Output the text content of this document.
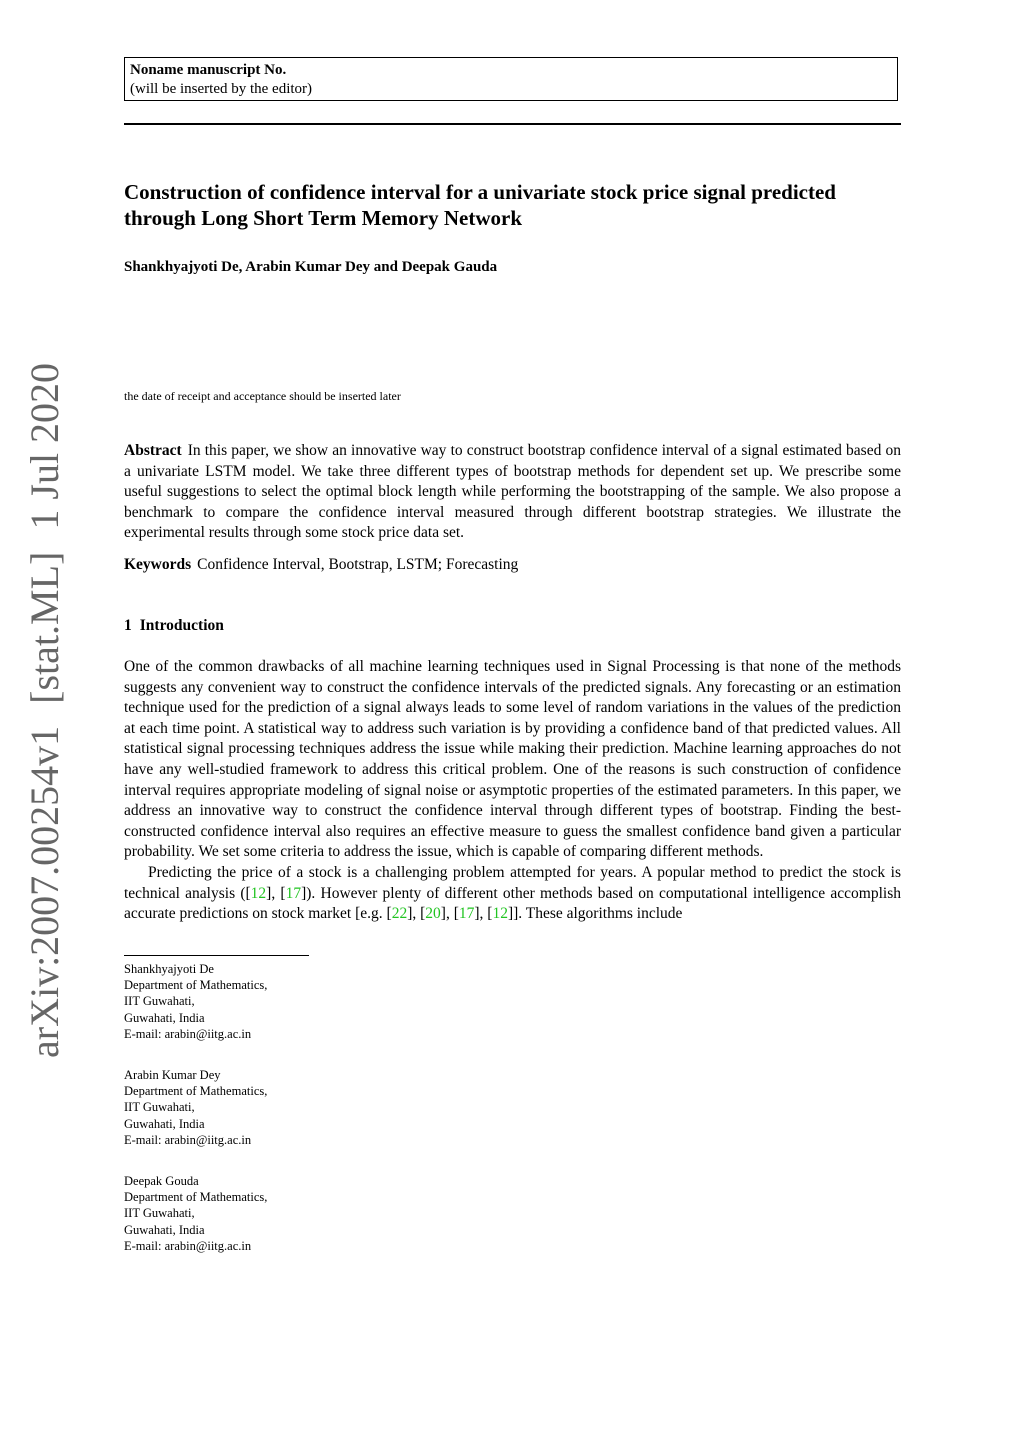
Noname manuscript No.
(will be inserted by the editor)
Construction of confidence interval for a univariate stock price signal predicted through Long Short Term Memory Network
Shankhyajyoti De, Arabin Kumar Dey and Deepak Gauda
the date of receipt and acceptance should be inserted later
Abstract In this paper, we show an innovative way to construct bootstrap confidence interval of a signal estimated based on a univariate LSTM model. We take three different types of bootstrap methods for dependent set up. We prescribe some useful suggestions to select the optimal block length while performing the bootstrapping of the sample. We also propose a benchmark to compare the confidence interval measured through different bootstrap strategies. We illustrate the experimental results through some stock price data set.
Keywords Confidence Interval, Bootstrap, LSTM; Forecasting
1 Introduction

One of the common drawbacks of all machine learning techniques used in Signal Processing is that none of the methods suggests any convenient way to construct the confidence intervals of the predicted signals. Any forecasting or an estimation technique used for the prediction of a signal always leads to some level of random variations in the values of the prediction at each time point. A statistical way to address such variation is by providing a confidence band of that predicted values. All statistical signal processing techniques address the issue while making their prediction. Machine learning approaches do not have any well-studied framework to address this critical problem. One of the reasons is such construction of confidence interval requires appropriate modeling of signal noise or asymptotic properties of the estimated parameters. In this paper, we address an innovative way to construct the confidence interval through different types of bootstrap. Finding the best-constructed confidence interval also requires an effective measure to guess the smallest confidence band given a particular probability. We set some criteria to address the issue, which is capable of comparing different methods.

Predicting the price of a stock is a challenging problem attempted for years. A popular method to predict the stock is technical analysis ([12], [17]). However plenty of different other methods based on computational intelligence accomplish accurate predictions on stock market [e.g. [22], [20], [17], [12]]. These algorithms include

Shankhyajyoti De
Department of Mathematics,
IIT Guwahati,
Guwahati, India
E-mail: arabin@iitg.ac.in
Arabin Kumar Dey
Department of Mathematics,
IIT Guwahati,
Guwahati, India
E-mail: arabin@iitg.ac.in
Deepak Gouda
Department of Mathematics,
IIT Guwahati,
Guwahati, India
E-mail: arabin@iitg.ac.in
arXiv:2007.00254v1[stat.ML]1 Jul 2020
